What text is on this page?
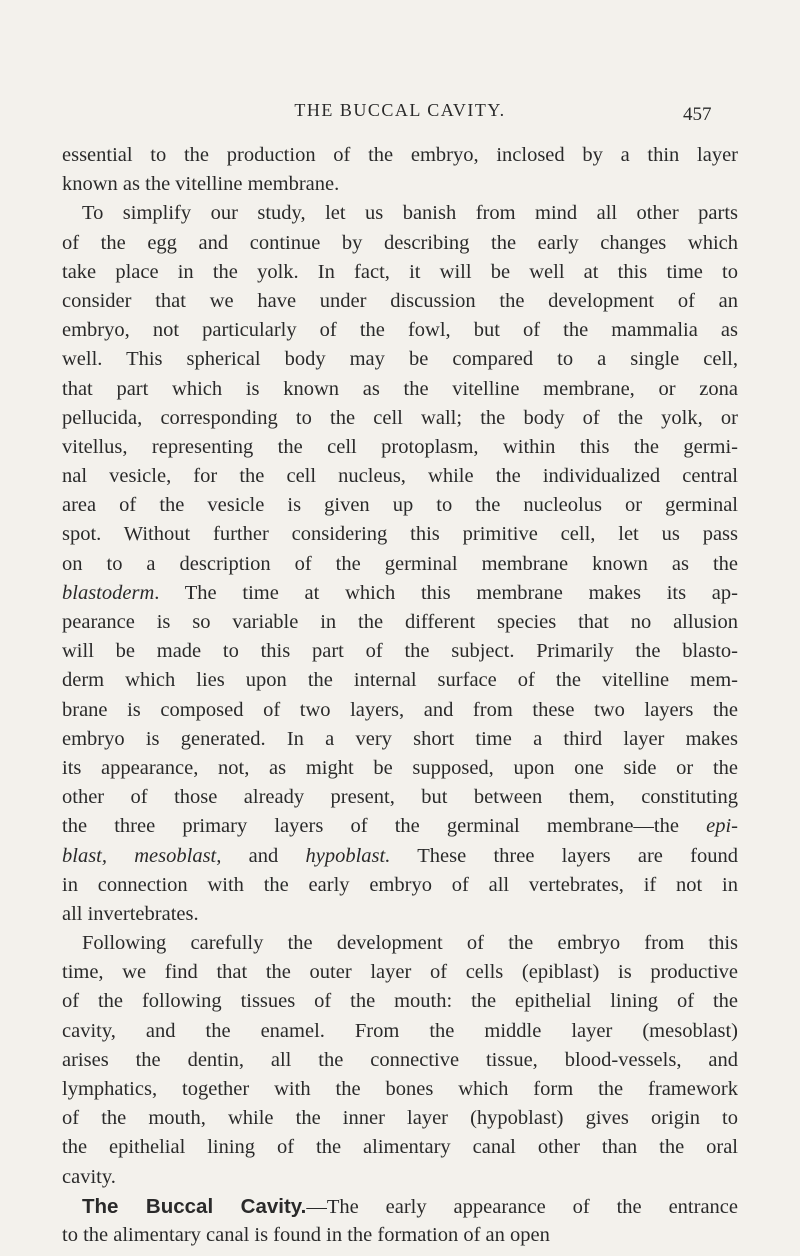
THE BUCCAL CAVITY.	457
essential to the production of the embryo, inclosed by a thin layer
known as the vitelline membrane.
To simplify our study, let us banish from mind all other parts
of the egg and continue by describing the early changes which
take place in the yolk. In fact, it will be well at this time to
consider that we have under discussion the development of an
embryo, not particularly of the fowl, but of the mammalia as
well. This spherical body may be compared to a single cell,
that part which is known as the vitelline membrane, or zona
pellucida, corresponding to the cell wall; the body of the yolk, or
vitellus, representing the cell protoplasm, within this the germi-
nal vesicle, for the cell nucleus, while the individualized central
area of the vesicle is given up to the nucleolus or germinal
spot. Without further considering this primitive cell, let us pass
on to a description of the germinal membrane known as the
blastoderm. The time at which this membrane makes its ap-
pearance is so variable in the different species that no allusion
will be made to this part of the subject. Primarily the blasto-
derm which lies upon the internal surface of the vitelline mem-
brane is composed of two layers, and from these two layers the
embryo is generated. In a very short time a third layer makes
its appearance, not, as might be supposed, upon one side or the
other of those already present, but between them, constituting
the three primary layers of the germinal membrane—the epi-
blast, mesoblast, and hypoblast. These three layers are found
in connection with the early embryo of all vertebrates, if not in
all invertebrates.
Following carefully the development of the embryo from this
time, we find that the outer layer of cells (epiblast) is productive
of the following tissues of the mouth: the epithelial lining of the
cavity, and the enamel. From the middle layer (mesoblast)
arises the dentin, all the connective tissue, blood-vessels, and
lymphatics, together with the bones which form the framework
of the mouth, while the inner layer (hypoblast) gives origin to
the epithelial lining of the alimentary canal other than the oral
cavity.
The Buccal Cavity.—The early appearance of the entrance
to the alimentary canal is found in the formation of an open
